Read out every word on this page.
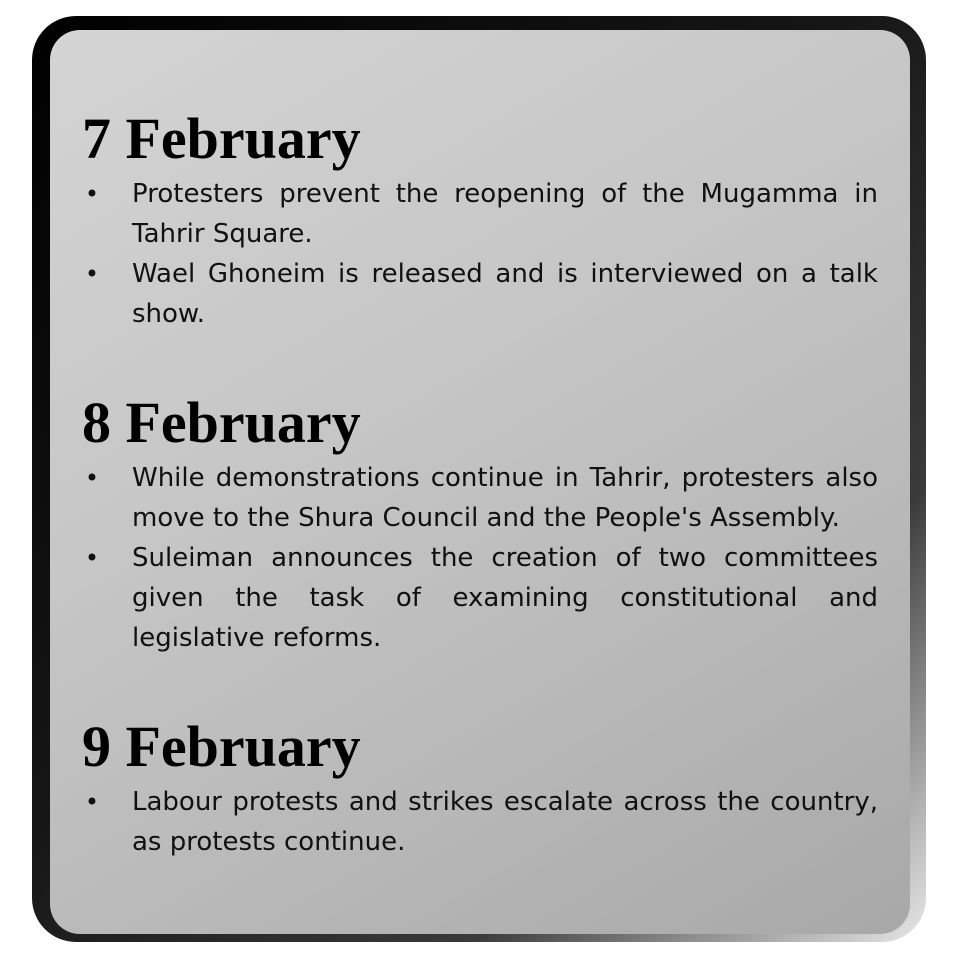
7 February
• Protesters prevent the reopening of the Mugamma in Tahrir Square.
• Wael Ghoneim is released and is interviewed on a talk show.
8 February
• While demonstrations continue in Tahrir, protesters also move to the Shura Council and the People's Assembly.
• Suleiman announces the creation of two committees given the task of examining constitutional and legislative reforms.
9 February
• Labour protests and strikes escalate across the country, as protests continue.
